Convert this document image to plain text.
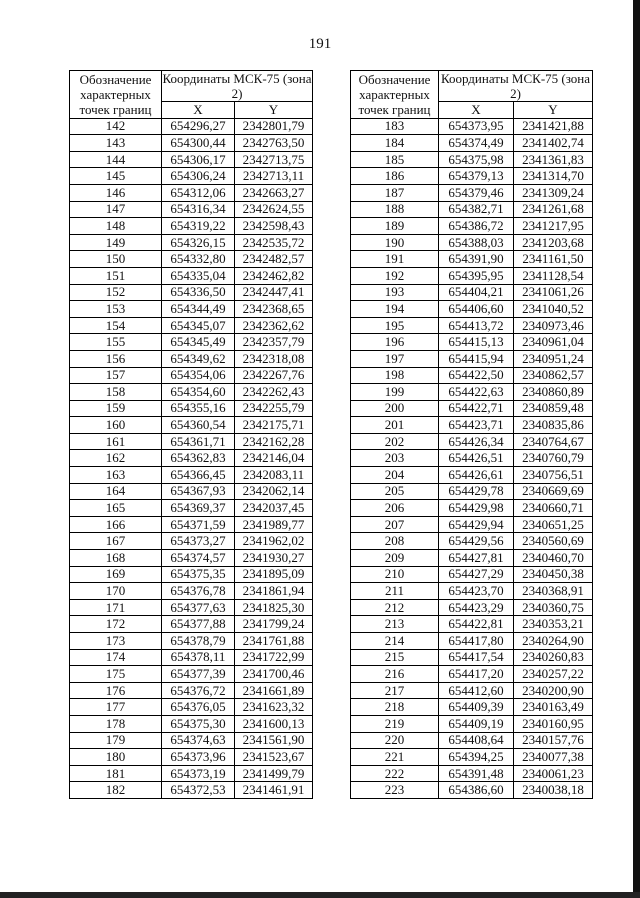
191
Обозначение характерных точек границ	Координаты МСК-75 (зона 2)	

	X	Y
142	654296,27	2342801,79
143	654300,44	2342763,50
144	654306,17	2342713,75
145	654306,24	2342713,11
146	654312,06	2342663,27
147	654316,34	2342624,55
148	654319,22	2342598,43
149	654326,15	2342535,72
150	654332,80	2342482,57
151	654335,04	2342462,82
152	654336,50	2342447,41
153	654344,49	2342368,65
154	654345,07	2342362,62
155	654345,49	2342357,79
156	654349,62	2342318,08
157	654354,06	2342267,76
158	654354,60	2342262,43
159	654355,16	2342255,79
160	654360,54	2342175,71
161	654361,71	2342162,28
162	654362,83	2342146,04
163	654366,45	2342083,11
164	654367,93	2342062,14
165	654369,37	2342037,45
166	654371,59	2341989,77
167	654373,27	2341962,02
168	654374,57	2341930,27
169	654375,35	2341895,09
170	654376,78	2341861,94
171	654377,63	2341825,30
172	654377,88	2341799,24
173	654378,79	2341761,88
174	654378,11	2341722,99
175	654377,39	2341700,46
176	654376,72	2341661,89
177	654376,05	2341623,32
178	654375,30	2341600,13
179	654374,63	2341561,90
180	654373,96	2341523,67
181	654373,19	2341499,79
182	654372,53	2341461,91
Обозначение характерных точек границ	Координаты МСК-75 (зона 2)	

	X	Y
183	654373,95	2341421,88
184	654374,49	2341402,74
185	654375,98	2341361,83
186	654379,13	2341314,70
187	654379,46	2341309,24
188	654382,71	2341261,68
189	654386,72	2341217,95
190	654388,03	2341203,68
191	654391,90	2341161,50
192	654395,95	2341128,54
193	654404,21	2341061,26
194	654406,60	2341040,52
195	654413,72	2340973,46
196	654415,13	2340961,04
197	654415,94	2340951,24
198	654422,50	2340862,57
199	654422,63	2340860,89
200	654422,71	2340859,48
201	654423,71	2340835,86
202	654426,34	2340764,67
203	654426,51	2340760,79
204	654426,61	2340756,51
205	654429,78	2340669,69
206	654429,98	2340660,71
207	654429,94	2340651,25
208	654429,56	2340560,69
209	654427,81	2340460,70
210	654427,29	2340450,38
211	654423,70	2340368,91
212	654423,29	2340360,75
213	654422,81	2340353,21
214	654417,80	2340264,90
215	654417,54	2340260,83
216	654417,20	2340257,22
217	654412,60	2340200,90
218	654409,39	2340163,49
219	654409,19	2340160,95
220	654408,64	2340157,76
221	654394,25	2340077,38
222	654391,48	2340061,23
223	654386,60	2340038,18
